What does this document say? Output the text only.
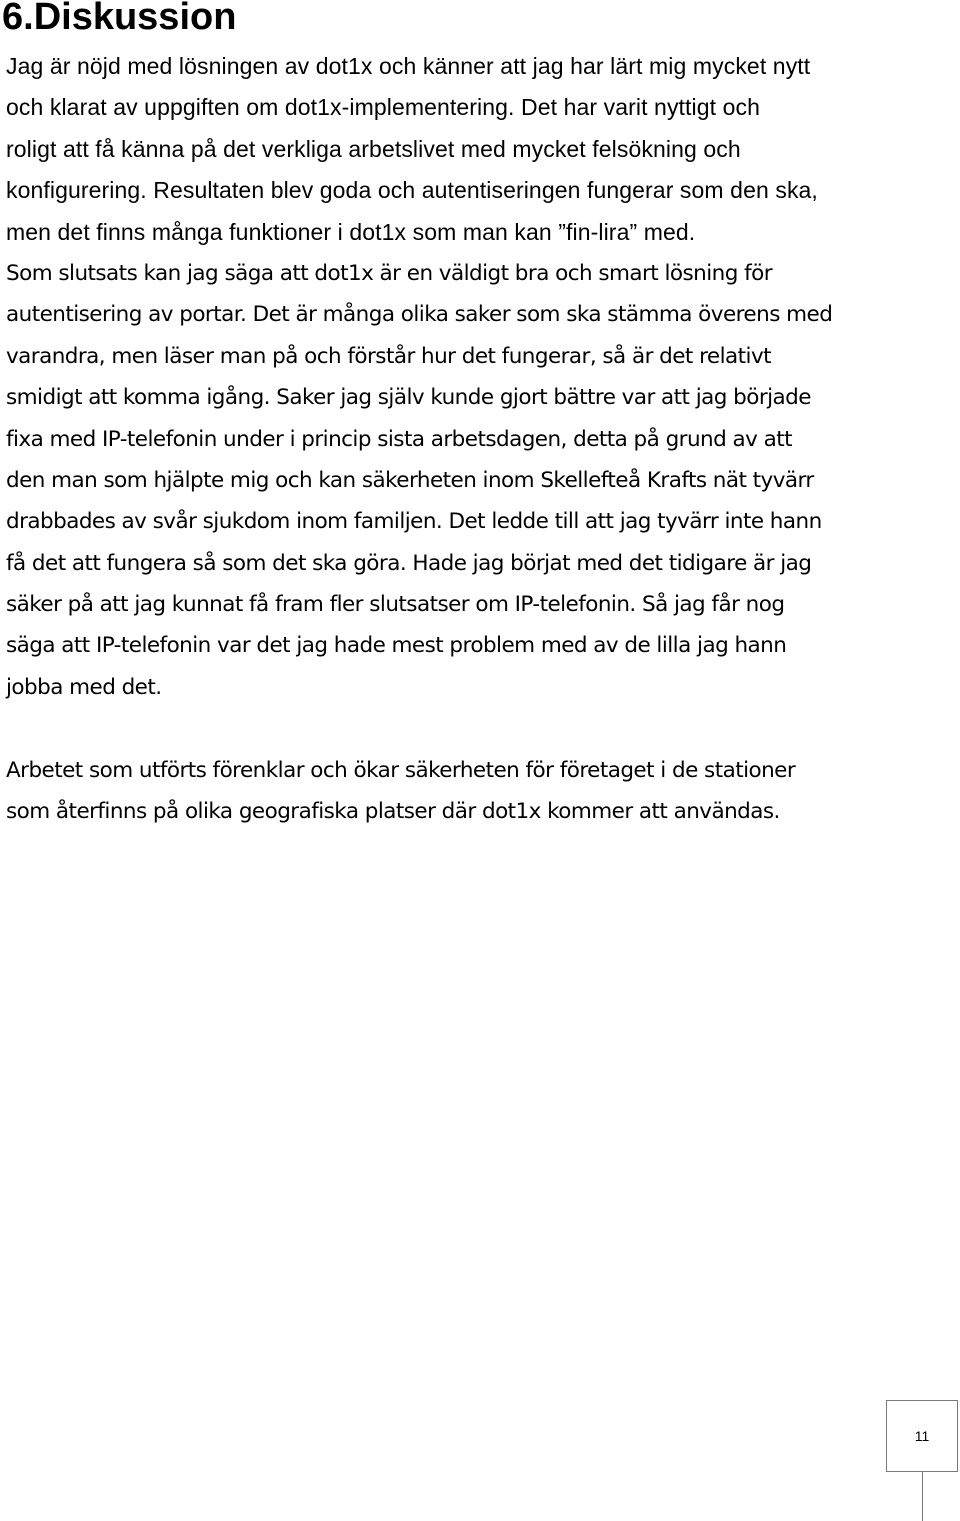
6.Diskussion
Jag är nöjd med lösningen av dot1x och känner att jag har lärt mig mycket nytt
och klarat av uppgiften om dot1x-implementering. Det har varit nyttigt och
roligt att få känna på det verkliga arbetslivet med mycket felsökning och
konfigurering. Resultaten blev goda och autentiseringen fungerar som den ska,
men det finns många funktioner i dot1x som man kan ”fin-lira” med.
Som slutsats kan jag säga att dot1x är en väldigt bra och smart lösning för
autentisering av portar. Det är många olika saker som ska stämma överens med
varandra, men läser man på och förstår hur det fungerar, så är det relativt
smidigt att komma igång. Saker jag själv kunde gjort bättre var att jag började
fixa med IP-telefonin under i princip sista arbetsdagen, detta på grund av att
den man som hjälpte mig och kan säkerheten inom Skellefteå Krafts nät tyvärr
drabbades av svår sjukdom inom familjen. Det ledde till att jag tyvärr inte hann
få det att fungera så som det ska göra. Hade jag börjat med det tidigare är jag
säker på att jag kunnat få fram fler slutsatser om IP-telefonin. Så jag får nog
säga att IP-telefonin var det jag hade mest problem med av de lilla jag hann
jobba med det.
Arbetet som utförts förenklar och ökar säkerheten för företaget i de stationer
som återfinns på olika geografiska platser där dot1x kommer att användas.
11
